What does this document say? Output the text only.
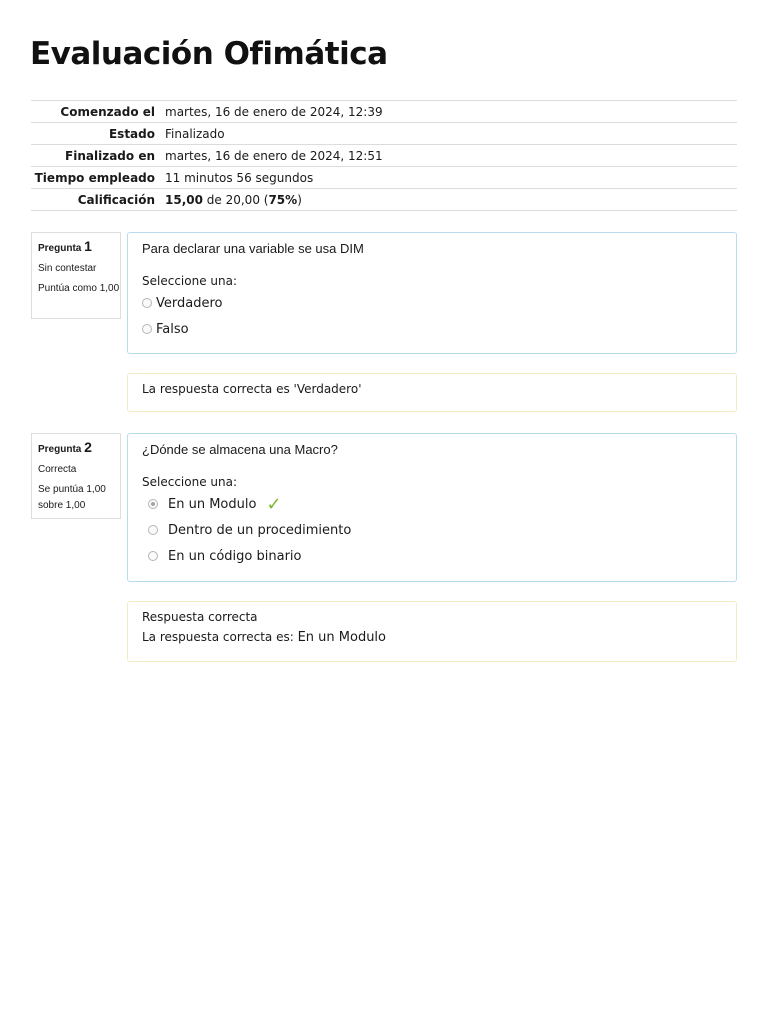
Evaluación Ofimática
Comenzado el	martes, 16 de enero de 2024, 12:39
Estado	Finalizado
Finalizado en	martes, 16 de enero de 2024, 12:51
Tiempo empleado	11 minutos 56 segundos
Calificación	15,00 de 20,00 (75%)
Pregunta 1
Sin contestar
Puntúa como 1,00
Para declarar una variable se usa DIM
Seleccione una:
Verdadero
Falso
La respuesta correcta es 'Verdadero'
Pregunta 2
Correcta
Se puntúa 1,00 sobre 1,00
¿Dónde se almacena una Macro?
Seleccione una:
En un Modulo ✓
Dentro de un procedimiento
En un código binario
Respuesta correcta
La respuesta correcta es: En un Modulo
